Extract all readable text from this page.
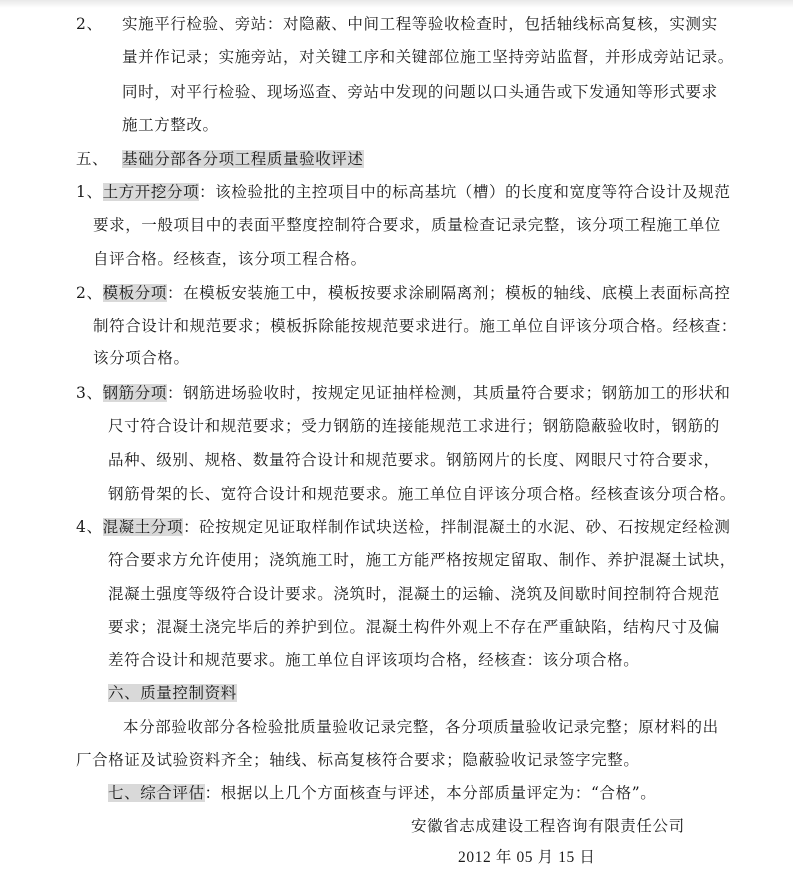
2、 实施平行检验、旁站：对隐蔽、中间工程等验收检查时，包括轴线标高复核，实测实
量并作记录；实施旁站，对关键工序和关键部位施工坚持旁站监督，并形成旁站记录。
同时，对平行检验、现场巡查、旁站中发现的问题以口头通告或下发通知等形式要求
施工方整改。
五、 基础分部各分项工程质量验收评述
1、土方开挖分项：该检验批的主控项目中的标高基坑（槽）的长度和宽度等符合设计及规范
要求，一般项目中的表面平整度控制符合要求，质量检查记录完整，该分项工程施工单位
自评合格。经核查，该分项工程合格。
2、模板分项：在模板安装施工中，模板按要求涂刷隔离剂；模板的轴线、底模上表面标高控
制符合设计和规范要求；模板拆除能按规范要求进行。施工单位自评该分项合格。经核查：
该分项合格。
3、钢筋分项：钢筋进场验收时，按规定见证抽样检测，其质量符合要求；钢筋加工的形状和
尺寸符合设计和规范要求；受力钢筋的连接能规范工求进行；钢筋隐蔽验收时，钢筋的
品种、级别、规格、数量符合设计和规范要求。钢筋网片的长度、网眼尺寸符合要求，
钢筋骨架的长、宽符合设计和规范要求。施工单位自评该分项合格。经核查该分项合格。
4、混凝土分项：砼按规定见证取样制作试块送检，拌制混凝土的水泥、砂、石按规定经检测
符合要求方允许使用；浇筑施工时，施工方能严格按规定留取、制作、养护混凝土试块，
混凝土强度等级符合设计要求。浇筑时，混凝土的运输、浇筑及间歇时间控制符合规范
要求；混凝土浇完毕后的养护到位。混凝土构件外观上不存在严重缺陷，结构尺寸及偏
差符合设计和规范要求。施工单位自评该项均合格，经核查：该分项合格。
六、质量控制资料
本分部验收部分各检验批质量验收记录完整，各分项质量验收记录完整；原材料的出
厂合格证及试验资料齐全；轴线、标高复核符合要求；隐蔽验收记录签字完整。
七、综合评估：根据以上几个方面核查与评述，本分部质量评定为：“合格”。
安徽省志成建设工程咨询有限责任公司
2012 年 05 月 15 日
